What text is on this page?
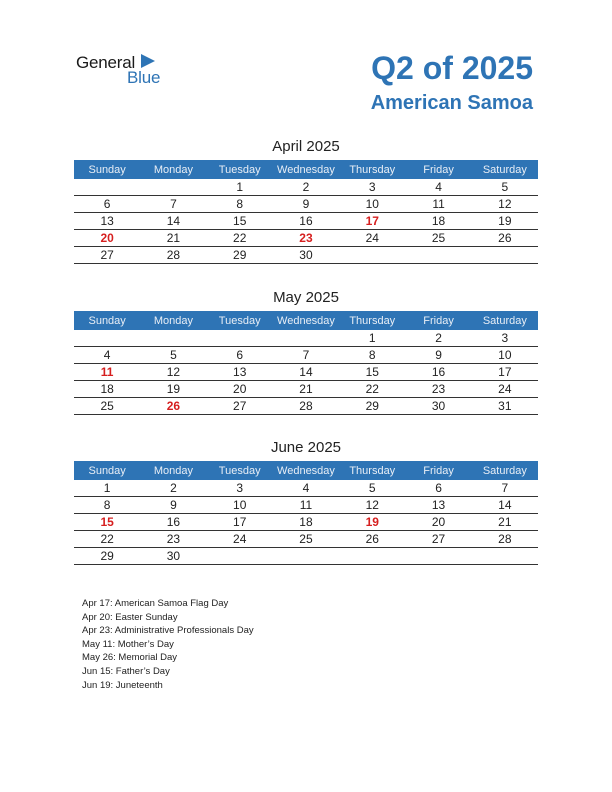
General
Blue	Q2 of 2025
American Samoa
April 2025
Sunday	Monday	Tuesday	Wednesday	Thursday	Friday	Saturday
		1	2	3	4	5
6	7	8	9	10	11	12
13	14	15	16	17	18	19
20	21	22	23	24	25	26
27	28	29	30			
May 2025
Sunday	Monday	Tuesday	Wednesday	Thursday	Friday	Saturday
				1	2	3
4	5	6	7	8	9	10
11	12	13	14	15	16	17
18	19	20	21	22	23	24
25	26	27	28	29	30	31
June 2025
Sunday	Monday	Tuesday	Wednesday	Thursday	Friday	Saturday
1	2	3	4	5	6	7
8	9	10	11	12	13	14
15	16	17	18	19	20	21
22	23	24	25	26	27	28
29	30					
Apr 17: American Samoa Flag Day
Apr 20: Easter Sunday
Apr 23: Administrative Professionals Day
May 11: Mother’s Day
May 26: Memorial Day
Jun 15: Father’s Day
Jun 19: Juneteenth
